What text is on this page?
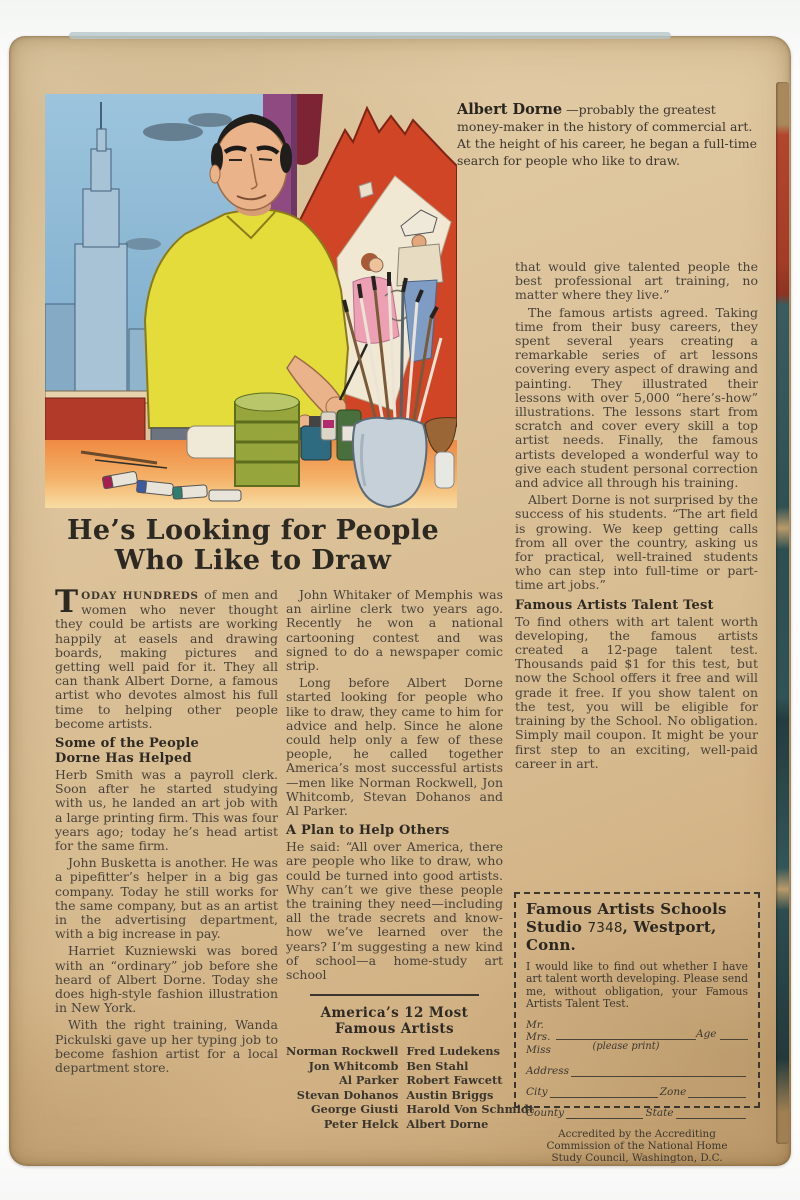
Albert Dorne —probably the greatest money-maker in the history of commercial art. At the height of his career, he began a full-time search for people who like to draw.
He’s Looking for People
Who Like to Draw

TODAY HUNDREDS of men and women who never thought they could be artists are working happily at easels and drawing boards, making pictures and getting well paid for it. They all can thank Albert Dorne, a famous artist who devotes almost his full time to helping other people become artists.

Some of the People
Dorne Has Helped

Herb Smith was a payroll clerk. Soon after he started studying with us, he landed an art job with a large printing firm. This was four years ago; today he’s head artist for the same firm.

John Busketta is another. He was a pipefitter’s helper in a big gas company. Today he still works for the same company, but as an artist in the advertising department, with a big increase in pay.

Harriet Kuzniewski was bored with an “ordinary” job before she heard of Albert Dorne. Today she does high-style fashion illustration in New York.

With the right training, Wanda Pickulski gave up her typing job to become fashion artist for a local department store.

John Whitaker of Memphis was an airline clerk two years ago. Recently he won a national cartooning contest and was signed to do a newspaper comic strip.

Long before Albert Dorne started looking for people who like to draw, they came to him for advice and help. Since he alone could help only a few of these people, he called together America’s most successful artists —men like Norman Rockwell, Jon Whitcomb, Stevan Dohanos and Al Parker.

A Plan to Help Others

He said: “All over America, there are people who like to draw, who could be turned into good artists. Why can’t we give these people the training they need—including all the trade secrets and know-how we’ve learned over the years? I’m suggesting a new kind of school—a home-study art school

America’s 12 Most
Famous Artists
Norman Rockwell	Fred Ludekens
Jon Whitcomb	Ben Stahl
Al Parker	Robert Fawcett
Stevan Dohanos	Austin Briggs
George Giusti	Harold Von Schmidt
Peter Helck	Albert Dorne

that would give talented people the best professional art training, no matter where they live.”

The famous artists agreed. Taking time from their busy careers, they spent several years creating a remarkable series of art lessons covering every aspect of drawing and painting. They illustrated their lessons with over 5,000 “here’s-how” illustrations. The lessons start from scratch and cover every skill a top artist needs. Finally, the famous artists developed a wonderful way to give each student personal correction and advice all through his training.

Albert Dorne is not surprised by the success of his students. “The art field is growing. We keep getting calls from all over the country, asking us for practical, well-trained students who can step into full-time or part-time art jobs.”

Famous Artists Talent Test

To find others with art talent worth developing, the famous artists created a 12-page talent test. Thousands paid $1 for this test, but now the School offers it free and will grade it free. If you show talent on the test, you will be eligible for training by the School. No obligation. Simply mail coupon. It might be your first step to an exciting, well-paid career in art.

Famous Artists Schools
Studio 7348, Westport, Conn.
I would like to find out whether I have art talent worth developing. Please send me, without obligation, your Famous Artists Talent Test.
Mr.
Mrs.
Miss	(please print)
Age
Address
City	Zone
County	State
Accredited by the Accrediting Commission of the National Home Study Council, Washington, D.C.
